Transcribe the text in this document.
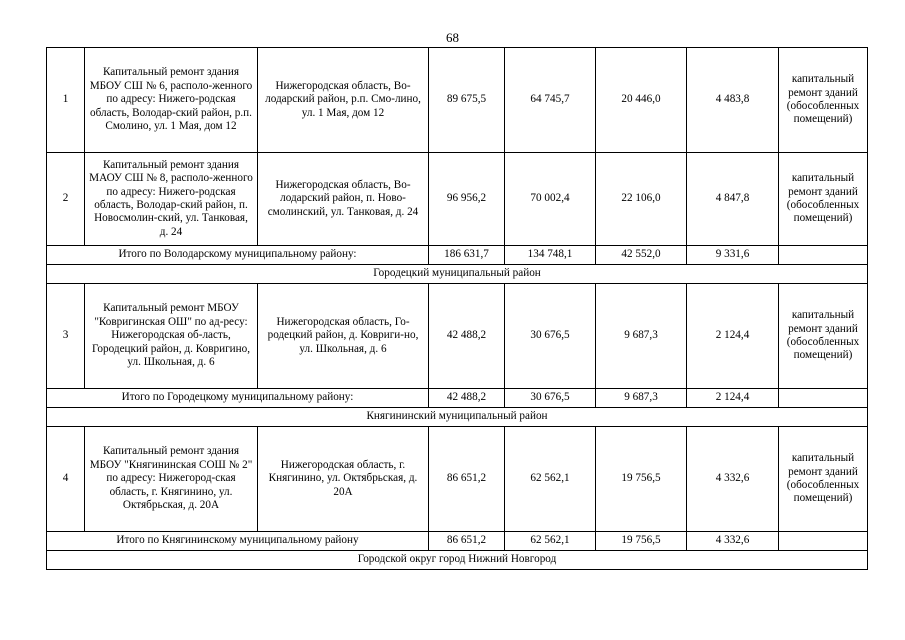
68
1	Капитальный ремонт здания МБОУ СШ № 6, располо-женного по адресу: Нижего-родская область, Володар-ский район, р.п. Смолино, ул. 1 Мая, дом 12	Нижегородская область, Во-лодарский район, р.п. Смо-лино, ул. 1 Мая, дом 12	89 675,5	64 745,7	20 446,0	4 483,8	капитальный ремонт зданий (обособленных помещений)
2	Капитальный ремонт здания МАОУ СШ № 8, располо-женного по адресу: Нижего-родская область, Володар-ский район, п. Новосмолин-ский, ул. Танковая, д. 24	Нижегородская область, Во-лодарский район, п. Ново-смолинский, ул. Танковая, д. 24	96 956,2	70 002,4	22 106,0	4 847,8	капитальный ремонт зданий (обособленных помещений)
Итого по Володарскому муниципальному району:			186 631,7	134 748,1	42 552,0	9 331,6	
Городецкий муниципальный район							
3	Капитальный ремонт МБОУ "Ковригинская ОШ" по ад-ресу: Нижегородская об-ласть, Городецкий район, д. Ковригино, ул. Школьная, д. 6	Нижегородская область, Го-родецкий район, д. Ковриги-но, ул. Школьная, д. 6	42 488,2	30 676,5	9 687,3	2 124,4	капитальный ремонт зданий (обособленных помещений)
Итого по Городецкому муниципальному району:			42 488,2	30 676,5	9 687,3	2 124,4	
Княгининский муниципальный район							
4	Капитальный ремонт здания МБОУ "Княгининская СОШ № 2" по адресу: Нижегород-ская область, г. Княгинино, ул. Октябрьская, д. 20А	Нижегородская область, г. Княгинино, ул. Октябрьская, д. 20А	86 651,2	62 562,1	19 756,5	4 332,6	капитальный ремонт зданий (обособленных помещений)
Итого по Княгининскому муниципальному району			86 651,2	62 562,1	19 756,5	4 332,6	
Городской округ город Нижний Новгород							
